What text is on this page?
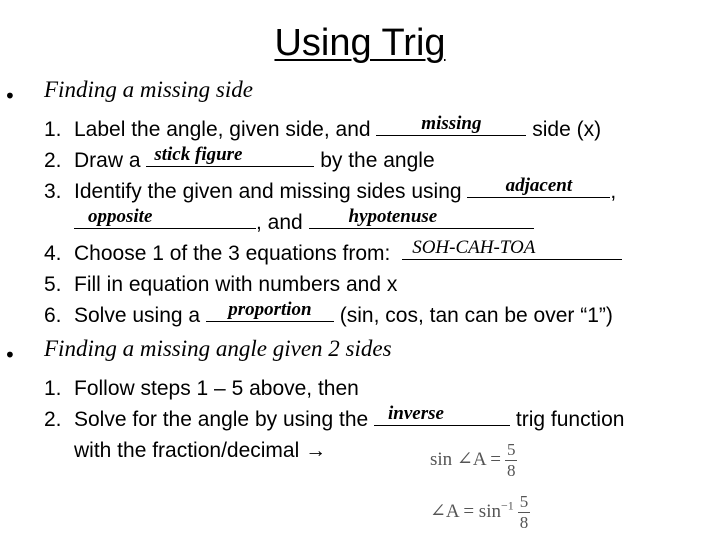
Using Trig
• Finding a missing side
1. Label the angle, given side, and	missing	side (x)
2. Draw a stick figure	by the angle
3. Identify the given and missing sides using	adjacent	,
opposite	, and	hypotenuse
4. Choose 1 of the 3 equations from: SOH-CAH-TOA
5. Fill in equation with numbers and x
6. Solve using a	proportion	(sin, cos, tan can be over “1”)
• Finding a missing angle given 2 sides
1. Follow steps 1 – 5 above, then
2. Solve for the angle by using the inverse	trig function
with the fraction/decimal →	sin ∠A = $\frac{5}{8}$
∠A = $\sin^{-1} \frac{5}{8}$
